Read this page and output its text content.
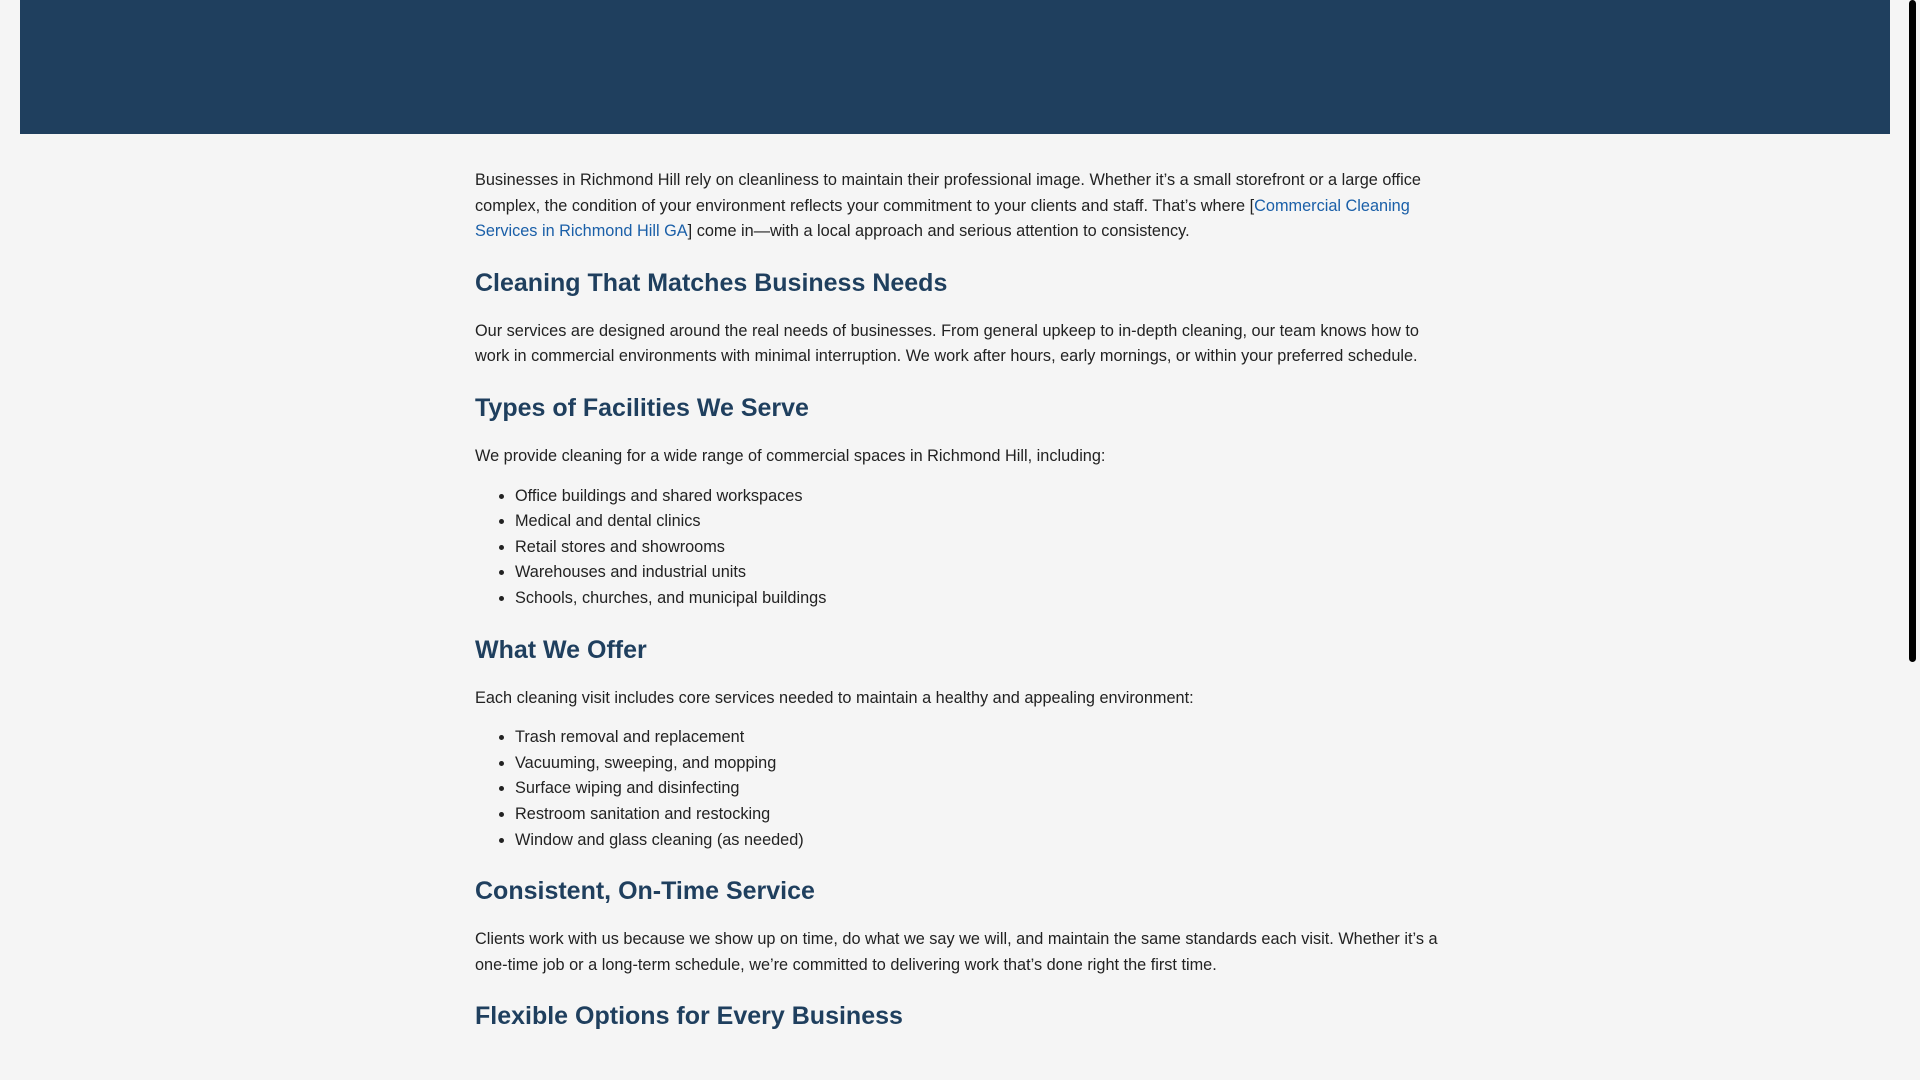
Businesses in Richmond Hill rely on cleanliness to maintain their professional image. Whether it’s a small storefront or a large office complex, the condition of your environment reflects your commitment to your clients and staff. That’s where [Commercial Cleaning Services in Richmond Hill GA] come in—with a local approach and serious attention to consistency.

Cleaning That Matches Business Needs

Our services are designed around the real needs of businesses. From general upkeep to in-depth cleaning, our team knows how to work in commercial environments with minimal interruption. We work after hours, early mornings, or within your preferred schedule.

Types of Facilities We Serve

We provide cleaning for a wide range of commercial spaces in Richmond Hill, including:

• Office buildings and shared workspaces
• Medical and dental clinics
• Retail stores and showrooms
• Warehouses and industrial units
• Schools, churches, and municipal buildings
What We Offer

Each cleaning visit includes core services needed to maintain a healthy and appealing environment:

• Trash removal and replacement
• Vacuuming, sweeping, and mopping
• Surface wiping and disinfecting
• Restroom sanitation and restocking
• Window and glass cleaning (as needed)
Consistent, On-Time Service

Clients work with us because we show up on time, do what we say we will, and maintain the same standards each visit. Whether it’s a one-time job or a long-term schedule, we’re committed to delivering work that’s done right the first time.

Flexible Options for Every Business
